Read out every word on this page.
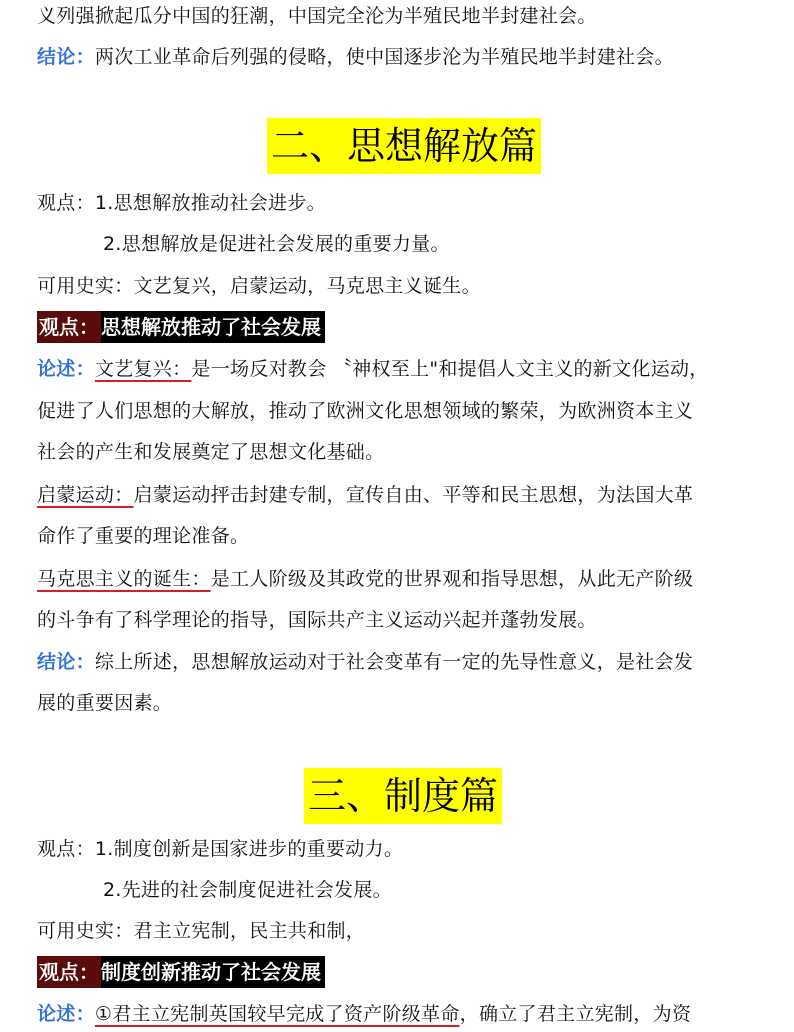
义列强掀起瓜分中国的狂潮，中国完全沦为半殖民地半封建社会。
结论：两次工业革命后列强的侵略，使中国逐步沦为半殖民地半封建社会。
二、思想解放篇
观点：1.思想解放推动社会进步。
2.思想解放是促进社会发展的重要力量。
可用史实：文艺复兴，启蒙运动，马克思主义诞生。
观点： 思想解放推动了社会发展
论述：文艺复兴：是一场反对教会 〝神权至上"和提倡人文主义的新文化运动，
促进了人们思想的大解放，推动了欧洲文化思想领域的繁荣，为欧洲资本主义
社会的产生和发展奠定了思想文化基础。
启蒙运动：启蒙运动抨击封建专制，宣传自由、平等和民主思想，为法国大革
命作了重要的理论准备。
马克思主义的诞生：是工人阶级及其政党的世界观和指导思想，从此无产阶级
的斗争有了科学理论的指导，国际共产主义运动兴起并蓬勃发展。
结论：综上所述，思想解放运动对于社会变革有一定的先导性意义，是社会发
展的重要因素。
三、制度篇
观点：1.制度创新是国家进步的重要动力。
2.先进的社会制度促进社会发展。
可用史实：君主立宪制，民主共和制，
观点： 制度创新推动了社会发展
论述：①君主立宪制英国较早完成了资产阶级革命，确立了君主立宪制，为资
